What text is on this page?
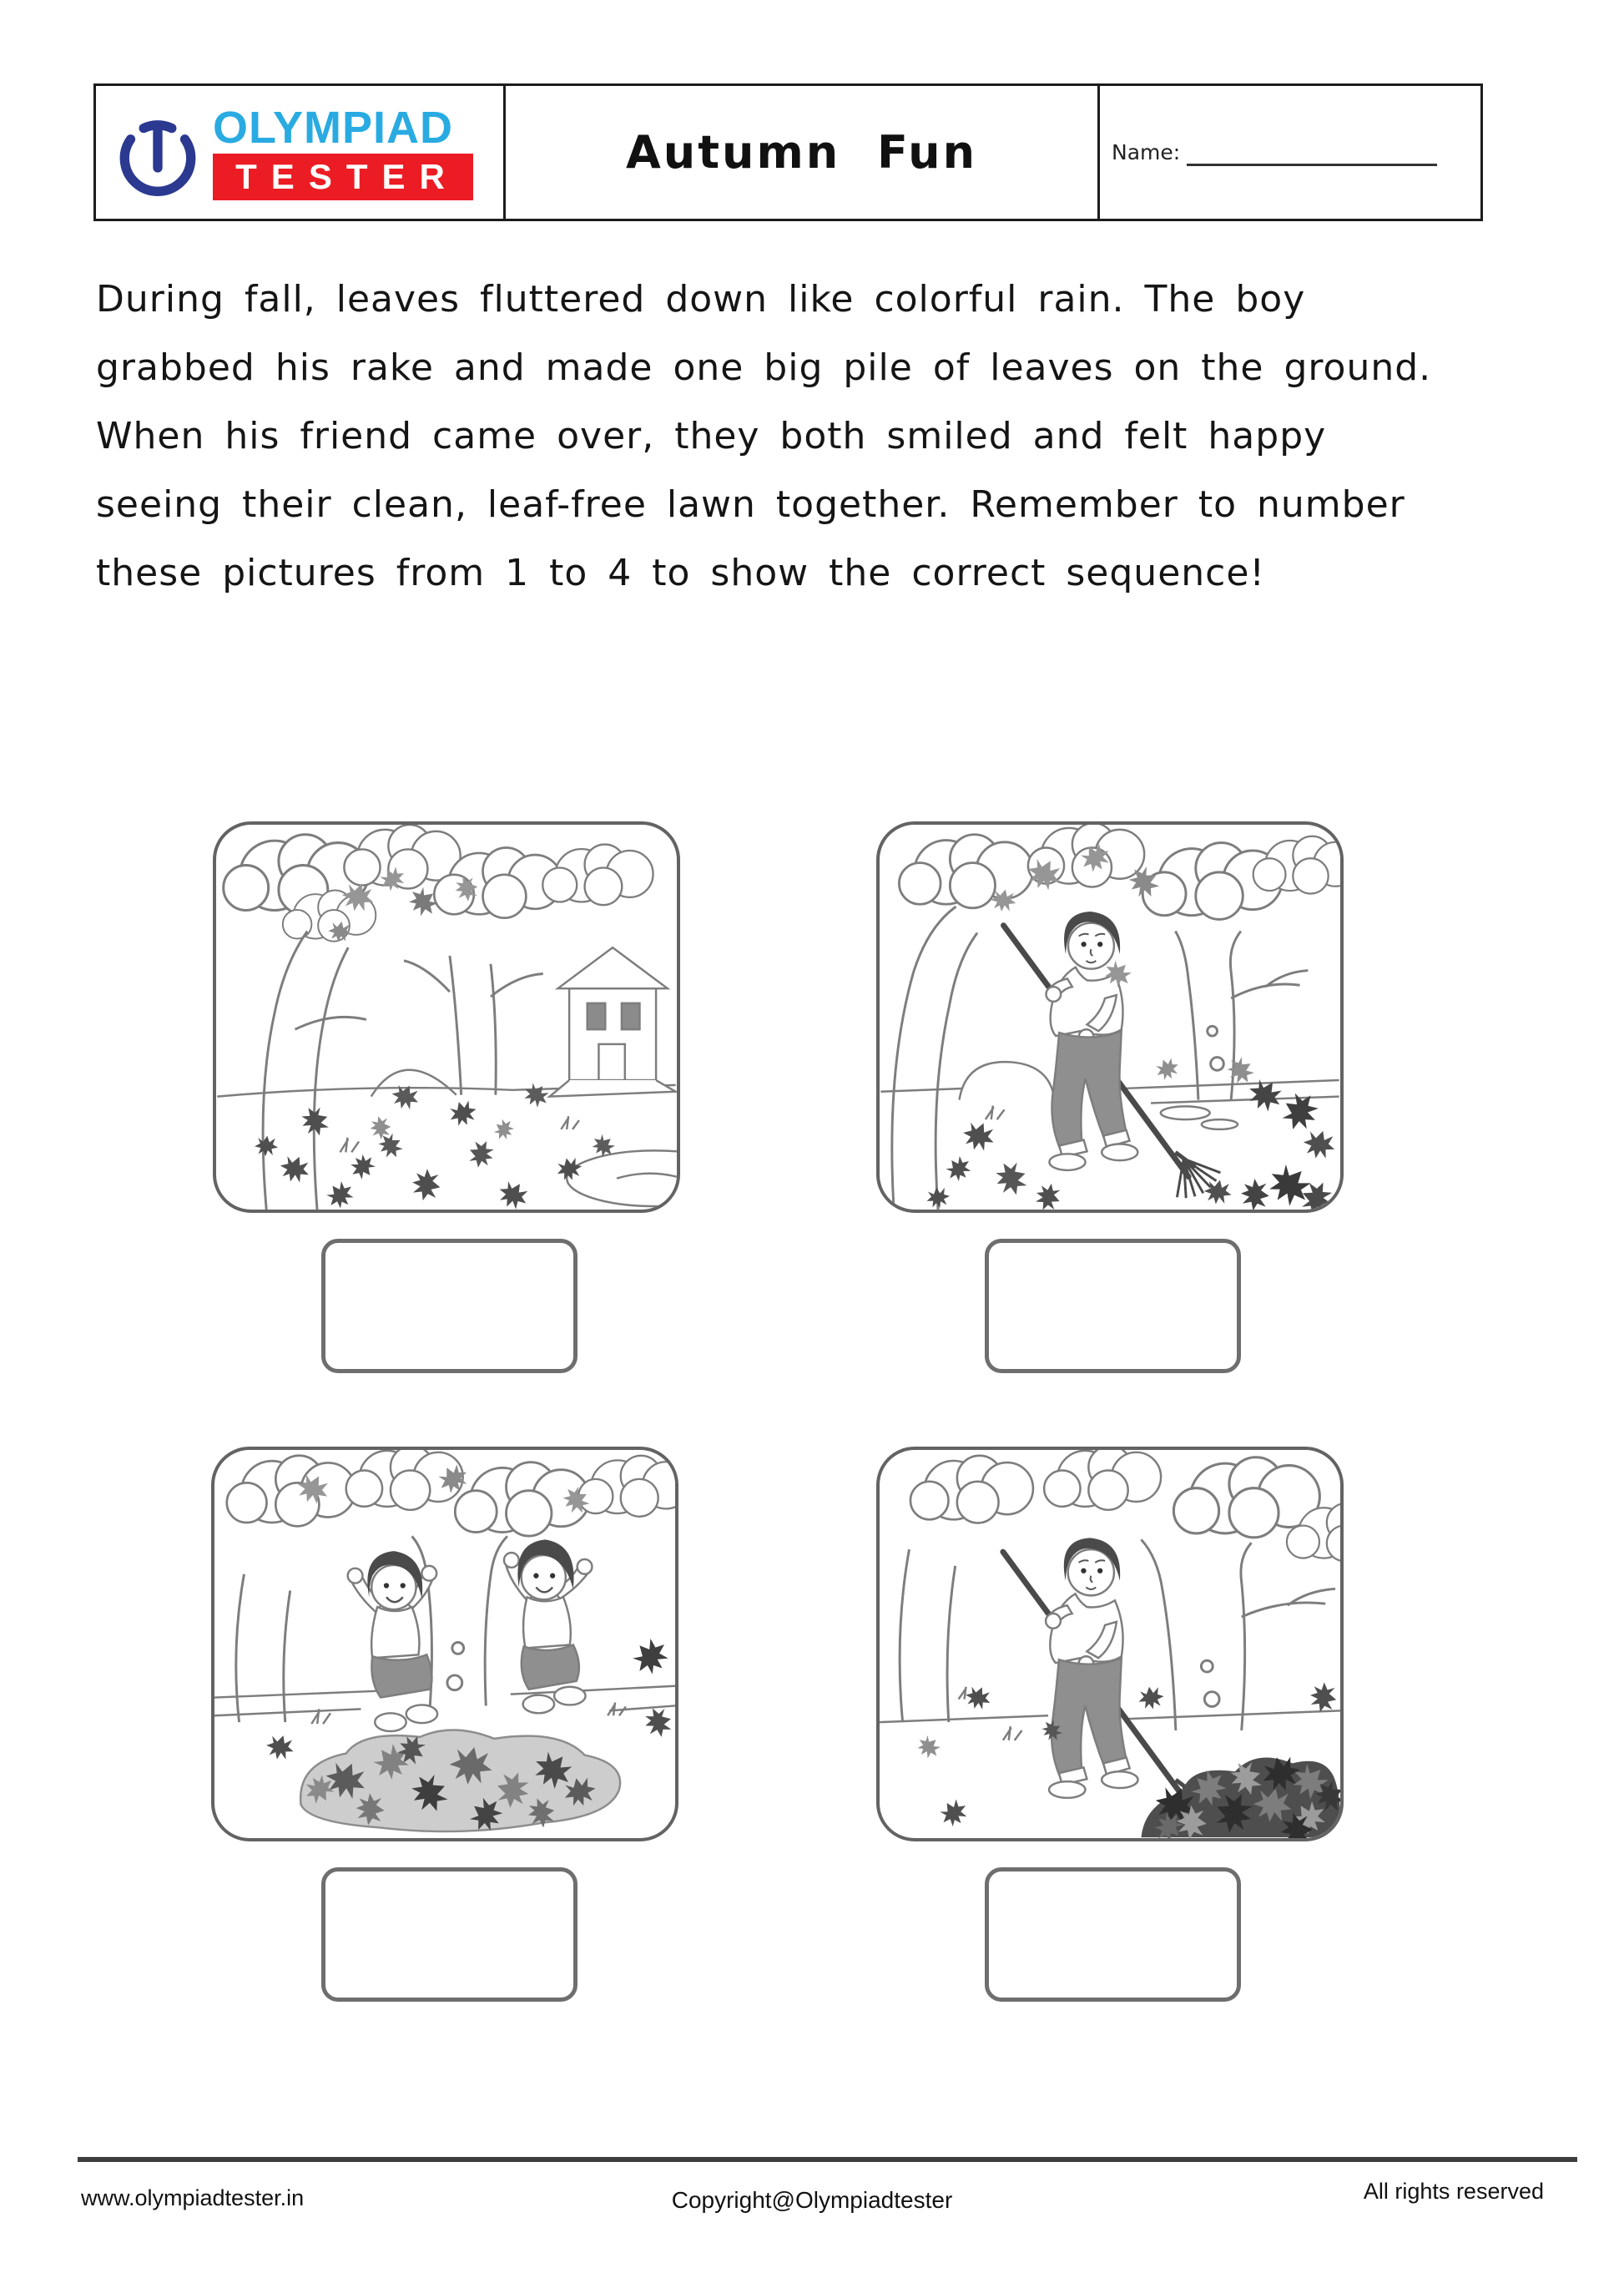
OLYMPIAD
TESTER	Autumn Fun	Name:
During fall, leaves fluttered down like colorful rain. The boy
grabbed his rake and made one big pile of leaves on the ground.
When his friend came over, they both smiled and felt happy
seeing their clean, leaf-free lawn together. Remember to number
these pictures from 1 to 4 to show the correct sequence!
www.olympiadtester.in	Copyright@Olympiadtester	All rights reserved
